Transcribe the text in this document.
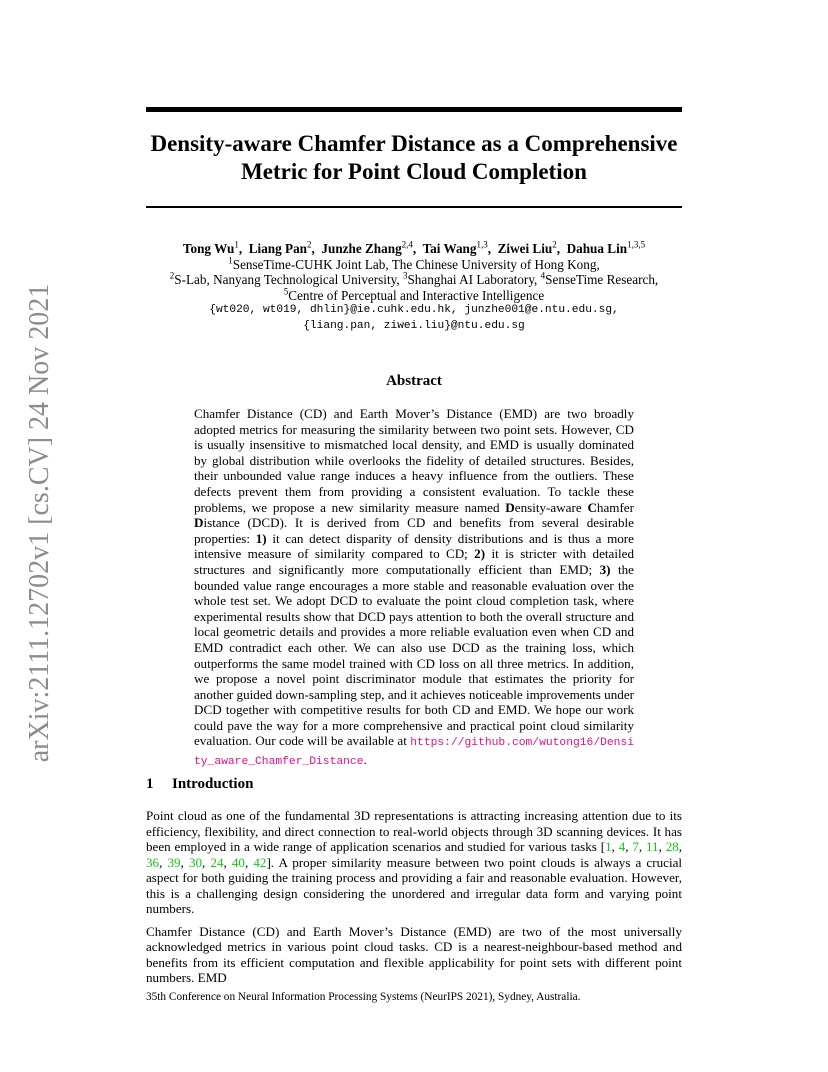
arXiv:2111.12702v1 [cs.CV] 24 Nov 2021
Density-aware Chamfer Distance as a Comprehensive
Metric for Point Cloud Completion
Tong Wu$^1$, Liang Pan$^2$, Junzhe Zhang$^{2,4}$, Tai Wang$^{1,3}$, Ziwei Liu$^2$, Dahua Lin$^{1,3,5}$
$^1$SenseTime-CUHK Joint Lab, The Chinese University of Hong Kong,
$^2$S-Lab, Nanyang Technological University, $^3$Shanghai AI Laboratory, $^4$SenseTime Research,
$^5$Centre of Perceptual and Interactive Intelligence
{wt020, wt019, dhlin}@ie.cuhk.edu.hk, junzhe001@e.ntu.edu.sg,
{liang.pan, ziwei.liu}@ntu.edu.sg
Abstract
Chamfer Distance (CD) and Earth Mover’s Distance (EMD) are two broadly adopted metrics for measuring the similarity between two point sets. However, CD is usually insensitive to mismatched local density, and EMD is usually dominated by global distribution while overlooks the fidelity of detailed structures. Besides, their unbounded value range induces a heavy influence from the outliers. These defects prevent them from providing a consistent evaluation. To tackle these problems, we propose a new similarity measure named Density-aware Chamfer Distance (DCD). It is derived from CD and benefits from several desirable properties: 1) it can detect disparity of density distributions and is thus a more intensive measure of similarity compared to CD; 2) it is stricter with detailed structures and significantly more computationally efficient than EMD; 3) the bounded value range encourages a more stable and reasonable evaluation over the whole test set. We adopt DCD to evaluate the point cloud completion task, where experimental results show that DCD pays attention to both the overall structure and local geometric details and provides a more reliable evaluation even when CD and EMD contradict each other. We can also use DCD as the training loss, which outperforms the same model trained with CD loss on all three metrics. In addition, we propose a novel point discriminator module that estimates the priority for another guided down-sampling step, and it achieves noticeable improvements under DCD together with competitive results for both CD and EMD. We hope our work could pave the way for a more comprehensive and practical point cloud similarity evaluation. Our code will be available at https://github.com/wutong16/Density_aware_Chamfer_Distance.
1 Introduction

Point cloud as one of the fundamental 3D representations is attracting increasing attention due to its efficiency, flexibility, and direct connection to real-world objects through 3D scanning devices. It has been employed in a wide range of application scenarios and studied for various tasks [1, 4, 7, 11, 28, 36, 39, 30, 24, 40, 42]. A proper similarity measure between two point clouds is always a crucial aspect for both guiding the training process and providing a fair and reasonable evaluation. However, this is a challenging design considering the unordered and irregular data form and varying point numbers.

Chamfer Distance (CD) and Earth Mover’s Distance (EMD) are two of the most universally acknowledged metrics in various point cloud tasks. CD is a nearest-neighbour-based method and benefits from its efficient computation and flexible applicability for point sets with different point numbers. EMD

35th Conference on Neural Information Processing Systems (NeurIPS 2021), Sydney, Australia.
